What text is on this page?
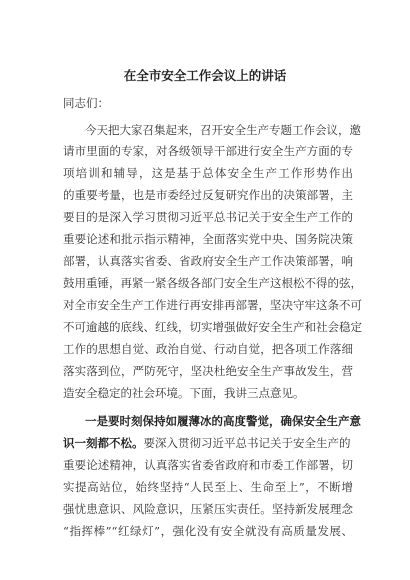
在全市安全工作会议上的讲话

同志们：

今天把大家召集起来，召开安全生产专题工作会议，邀

请市里面的专家，对各级领导干部进行安全生产方面的专

项培训和辅导，这是基于总体安全生产工作形势作出

的重要考量，也是市委经过反复研究作出的决策部署，主

要目的是深入学习贯彻习近平总书记关于安全生产工作的

重要论述和批示指示精神，全面落实党中央、国务院决策

部署，认真落实省委、省政府安全生产工作决策部署，响

鼓用重锤，再紧一紧各级各部门安全生产这根松不得的弦，

对全市安全生产工作进行再安排再部署，坚决守牢这条不可

不可逾越的底线、红线，切实增强做好安全生产和社会稳定

工作的思想自觉、政治自觉、行动自觉，把各项工作落细

落实落到位，严防死守，坚决杜绝安全生产事故发生，营

造安全稳定的社会环境。下面，我讲三点意见。

一是要时刻保持如履薄冰的高度警觉，确保安全生产意

识一刻都不松。要深入贯彻习近平总书记关于安全生产的

重要论述精神，认真落实省委省政府和市委工作部署，切

实提高站位，始终坚持“人民至上、生命至上”，不断增

强忧患意识、风险意识，压紧压实责任。坚持新发展理念

“指挥棒”“红绿灯”，强化没有安全就没有高质量发展、
